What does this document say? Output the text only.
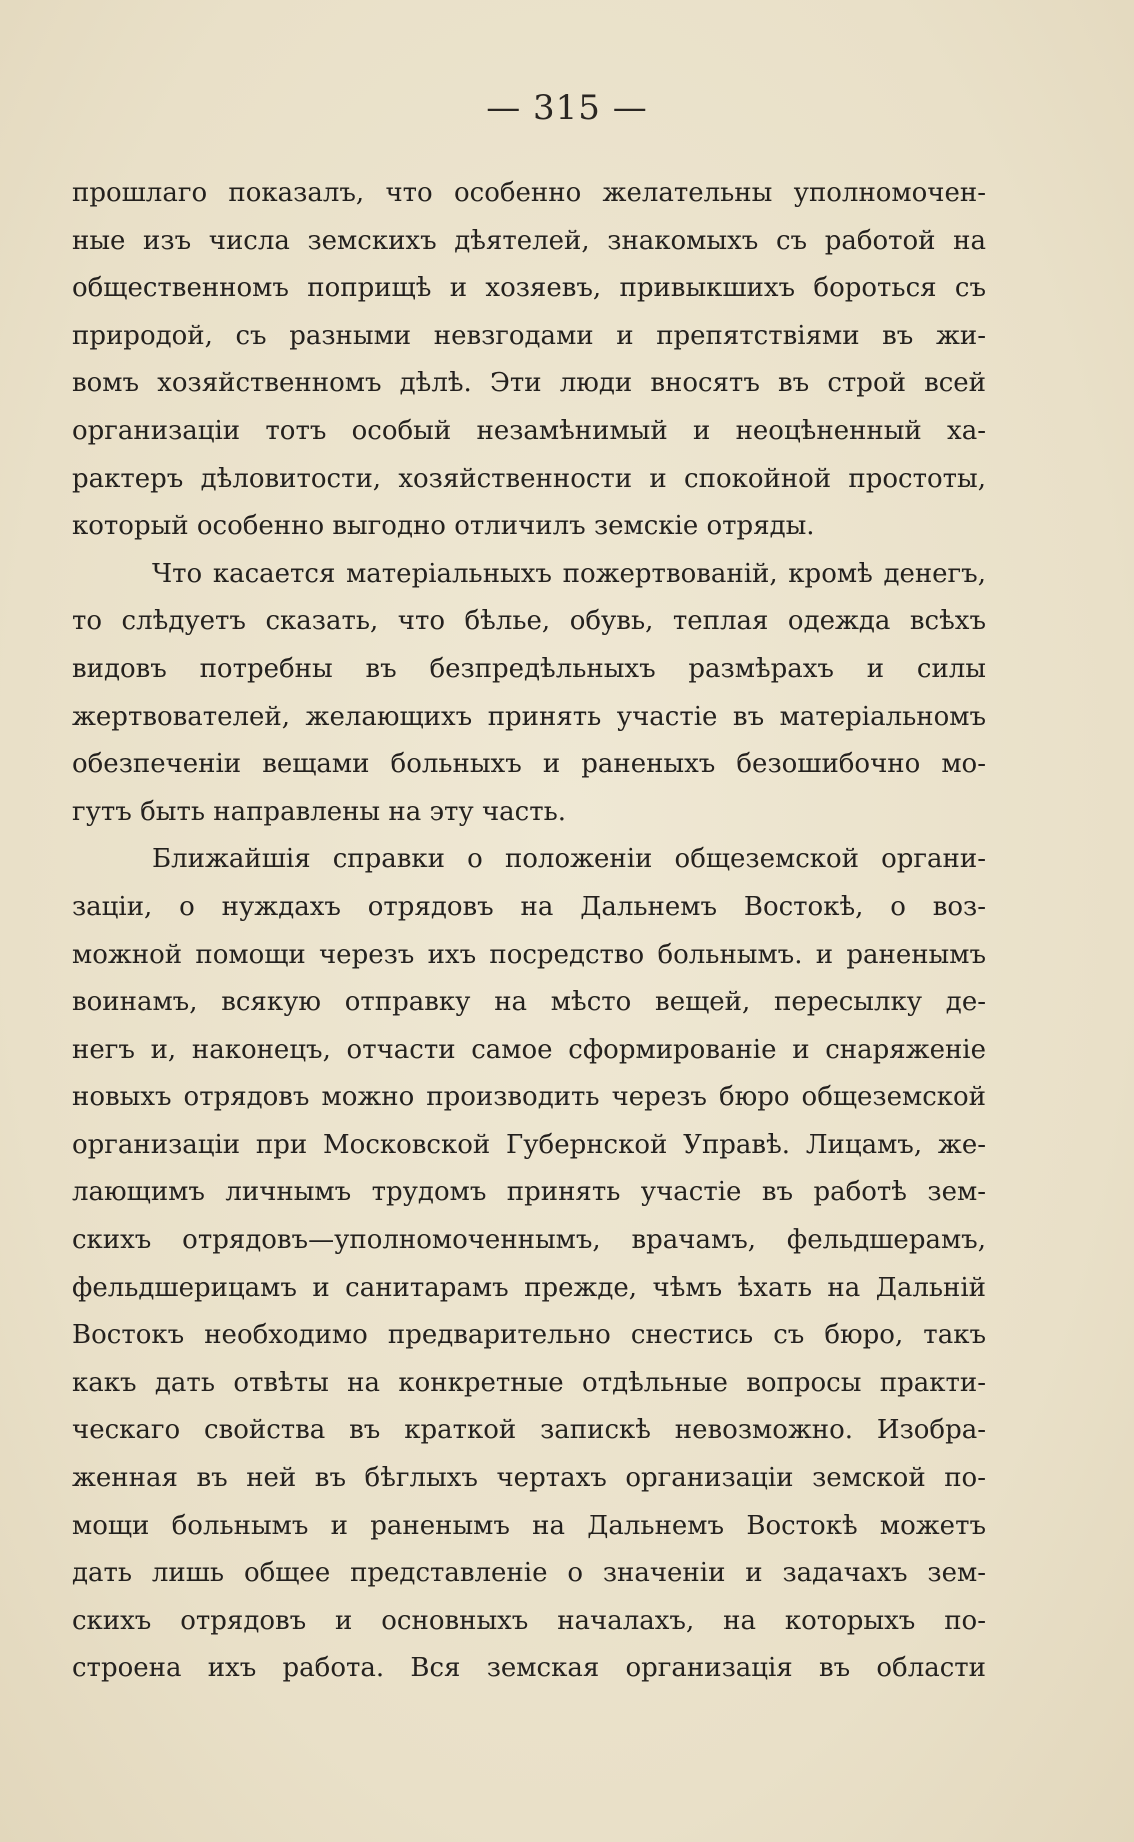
— 315 —
прошлаго показалъ, что особенно желательны уполномочен-
ные изъ числа земскихъ дѣятелей, знакомыхъ съ работой на
общественномъ поприщѣ и хозяевъ, привыкшихъ бороться съ
природой, съ разными невзгодами и препятствіями въ жи-
вомъ хозяйственномъ дѣлѣ. Эти люди вносятъ въ строй всей
организаціи тотъ особый незамѣнимый и неоцѣненный ха-
рактеръ дѣловитости, хозяйственности и спокойной простоты,
который особенно выгодно отличилъ земскіе отряды.
Что касается матеріальныхъ пожертвованій, кромѣ денегъ,
то слѣдуетъ сказать, что бѣлье, обувь, теплая одежда всѣхъ
видовъ потребны въ безпредѣльныхъ размѣрахъ и силы
жертвователей, желающихъ принять участіе въ матеріальномъ
обезпеченіи вещами больныхъ и раненыхъ безошибочно мо-
гутъ быть направлены на эту часть.
Ближайшія справки о положеніи общеземской органи-
заціи, о нуждахъ отрядовъ на Дальнемъ Востокѣ, о воз-
можной помощи черезъ ихъ посредство больнымъ. и раненымъ
воинамъ, всякую отправку на мѣсто вещей, пересылку де-
негъ и, наконецъ, отчасти самое сформированіе и снаряженіе
новыхъ отрядовъ можно производить черезъ бюро общеземской
организаціи при Московской Губернской Управѣ. Лицамъ, же-
лающимъ личнымъ трудомъ принять участіе въ работѣ зем-
скихъ отрядовъ—уполномоченнымъ, врачамъ, фельдшерамъ,
фельдшерицамъ и санитарамъ прежде, чѣмъ ѣхать на Дальній
Востокъ необходимо предварительно снестись съ бюро, такъ
какъ дать отвѣты на конкретные отдѣльные вопросы практи-
ческаго свойства въ краткой запискѣ невозможно. Изобра-
женная въ ней въ бѣглыхъ чертахъ организаціи земской по-
мощи больнымъ и раненымъ на Дальнемъ Востокѣ можетъ
дать лишь общее представленіе о значеніи и задачахъ зем-
скихъ отрядовъ и основныхъ началахъ, на которыхъ по-
строена ихъ работа. Вся земская организація въ области
